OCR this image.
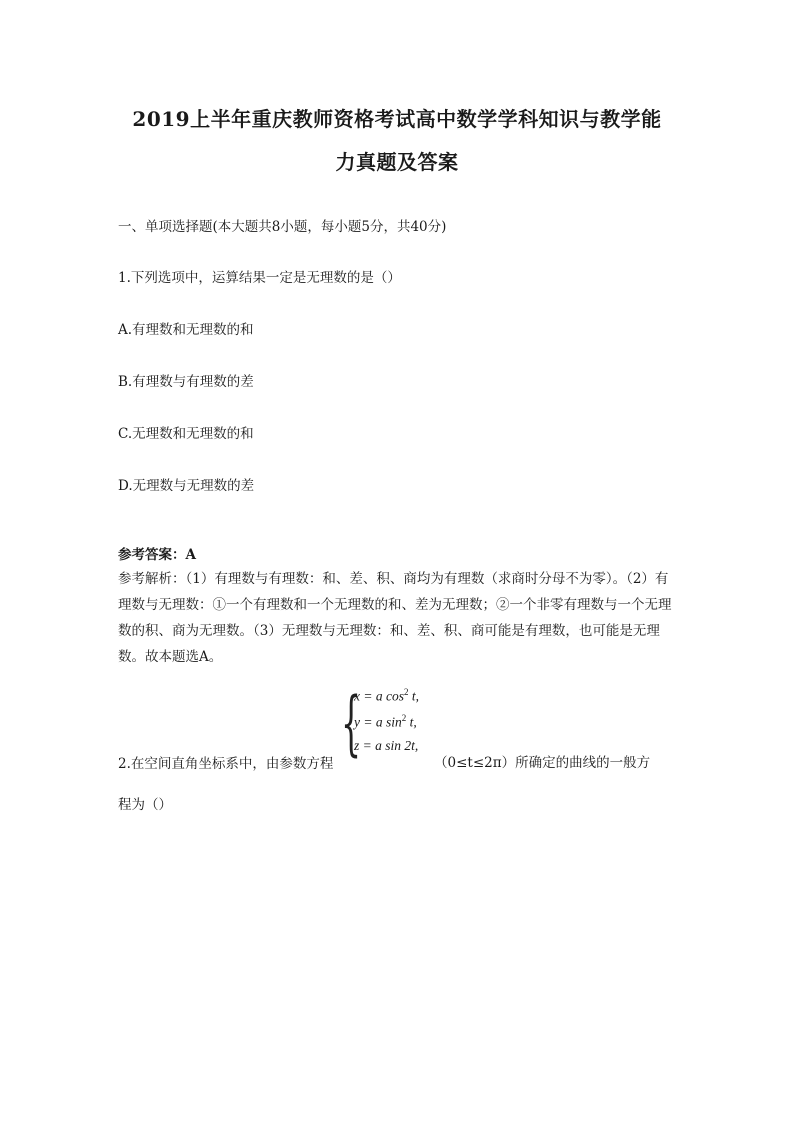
2019上半年重庆教师资格考试高中数学学科知识与教学能
力真题及答案
一、单项选择题(本大题共8小题，每小题5分，共40分)
1.下列选项中，运算结果一定是无理数的是（）
A.有理数和无理数的和
B.有理数与有理数的差
C.无理数和无理数的和
D.无理数与无理数的差
参考答案：A
参考解析：（1）有理数与有理数：和、差、积、商均为有理数（求商时分母不为零）。（2）有理数与无理数：①一个有理数和一个无理数的和、差为无理数；②一个非零有理数与一个无理数的积、商为无理数。（3）无理数与无理数：和、差、积、商可能是有理数，也可能是无理数。故本题选A。
2.在空间直角坐标系中，由参数方程 {
x = a $\cos^2 t$,
y = a $\sin^2 t$,
z = a sin 2t,
（0≤t≤2π）所确定的曲线的一般方
程为（）
